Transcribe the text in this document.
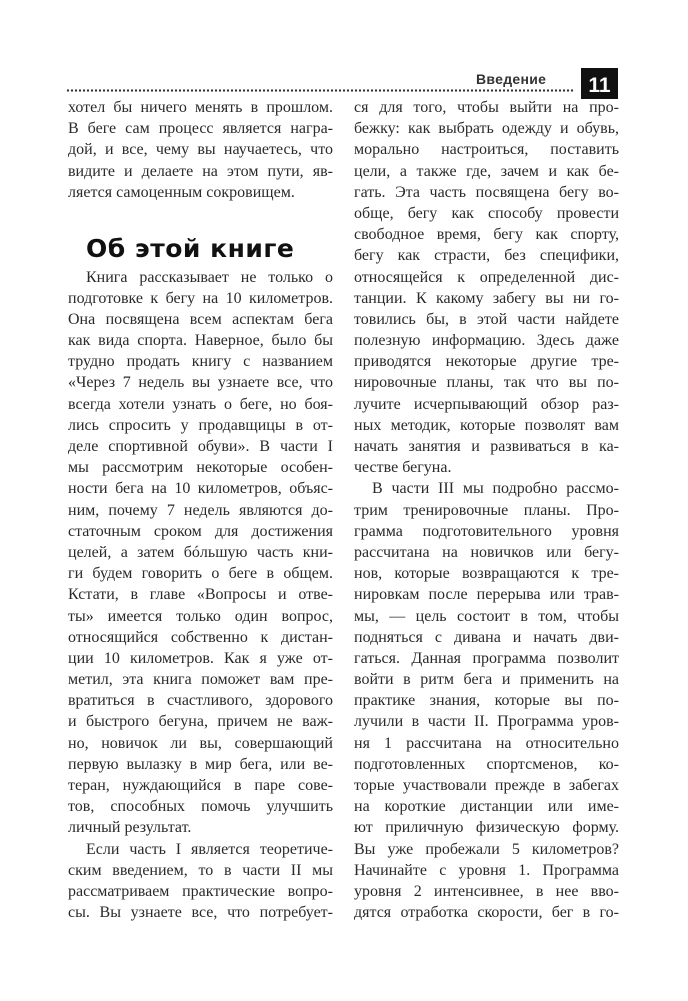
Введение	11
хотел бы ничего менять в прошлом.
В беге сам процесс является награ-
дой, и все, чему вы научаетесь, что
видите и делаете на этом пути, яв-
ляется самоценным сокровищем.
Об этой книге
Книга рассказывает не только о
подготовке к бегу на 10 километров.
Она посвящена всем аспектам бега
как вида спорта. Наверное, было бы
трудно продать книгу с названием
«Через 7 недель вы узнаете все, что
всегда хотели узнать о беге, но боя-
лись спросить у продавщицы в от-
деле спортивной обуви». В части I
мы рассмотрим некоторые особен-
ности бега на 10 километров, объяс-
ним, почему 7 недель являются до-
статочным сроком для достижения
целей, а затем бóльшую часть кни-
ги будем говорить о беге в общем.
Кстати, в главе «Вопросы и отве-
ты» имеется только один вопрос,
относящийся собственно к дистан-
ции 10 километров. Как я уже от-
метил, эта книга поможет вам пре-
вратиться в счастливого, здорового
и быстрого бегуна, причем не важ-
но, новичок ли вы, совершающий
первую вылазку в мир бега, или ве-
теран, нуждающийся в паре сове-
тов, способных помочь улучшить
личный результат.
Если часть I является теоретиче-
ским введением, то в части II мы
рассматриваем практические вопро-
сы. Вы узнаете все, что потребует-
ся для того, чтобы выйти на про-
бежку: как выбрать одежду и обувь,
морально настроиться, поставить
цели, а также где, зачем и как бе-
гать. Эта часть посвящена бегу во-
обще, бегу как способу провести
свободное время, бегу как спорту,
бегу как страсти, без специфики,
относящейся к определенной дис-
танции. К какому забегу вы ни го-
товились бы, в этой части найдете
полезную информацию. Здесь даже
приводятся некоторые другие тре-
нировочные планы, так что вы по-
лучите исчерпывающий обзор раз-
ных методик, которые позволят вам
начать занятия и развиваться в ка-
честве бегуна.
В части III мы подробно рассмо-
трим тренировочные планы. Про-
грамма подготовительного уровня
рассчитана на новичков или бегу-
нов, которые возвращаются к тре-
нировкам после перерыва или трав-
мы, — цель состоит в том, чтобы
подняться с дивана и начать дви-
гаться. Данная программа позволит
войти в ритм бега и применить на
практике знания, которые вы по-
лучили в части II. Программа уров-
ня 1 рассчитана на относительно
подготовленных спортсменов, ко-
торые участвовали прежде в забегах
на короткие дистанции или име-
ют приличную физическую форму.
Вы уже пробежали 5 километров?
Начинайте с уровня 1. Программа
уровня 2 интенсивнее, в нее вво-
дятся отработка скорости, бег в го-
